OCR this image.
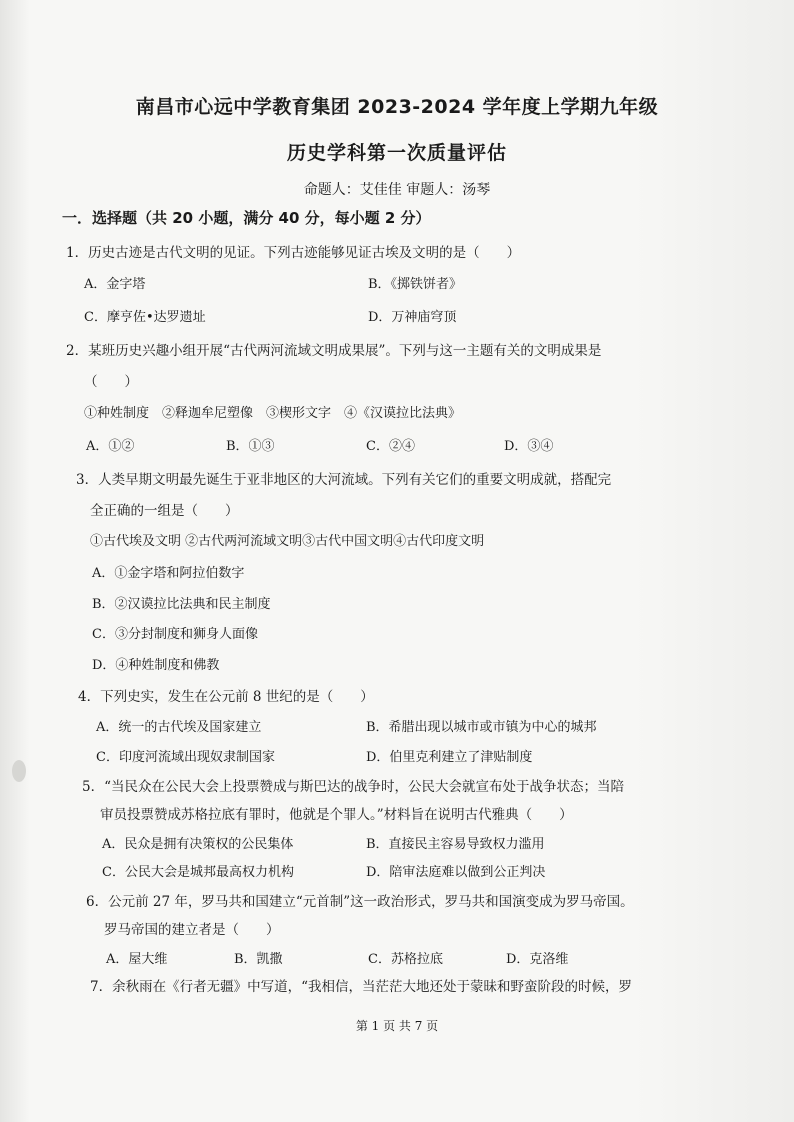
南昌市心远中学教育集团 2023-2024 学年度上学期九年级
历史学科第一次质量评估
命题人：艾佳佳 审题人：汤琴
一．选择题（共 20 小题，满分 40 分，每小题 2 分）
1．历史古迹是古代文明的见证。下列古迹能够见证古埃及文明的是（　　）
A．金字塔	B．《掷铁饼者》
C．摩亨佐•达罗遗址	D．万神庙穹顶
2．某班历史兴趣小组开展“古代两河流域文明成果展”。下列与这一主题有关的文明成果是
（　　）
①种姓制度　②释迦牟尼塑像　③楔形文字　④《汉谟拉比法典》
A．①②	B．①③	C．②④	D．③④
3．人类早期文明最先诞生于亚非地区的大河流域。下列有关它们的重要文明成就，搭配完
全正确的一组是（　　）
①古代埃及文明 ②古代两河流域文明③古代中国文明④古代印度文明
A．①金字塔和阿拉伯数字
B．②汉谟拉比法典和民主制度
C．③分封制度和狮身人面像
D．④种姓制度和佛教
4．下列史实，发生在公元前 8 世纪的是（　　）
A．统一的古代埃及国家建立	B．希腊出现以城市或市镇为中心的城邦
C．印度河流域出现奴隶制国家	D．伯里克利建立了津贴制度
5．“当民众在公民大会上投票赞成与斯巴达的战争时，公民大会就宣布处于战争状态；当陪
审员投票赞成苏格拉底有罪时，他就是个罪人。”材料旨在说明古代雅典（　　）
A．民众是拥有决策权的公民集体	B．直接民主容易导致权力滥用
C．公民大会是城邦最高权力机构	D．陪审法庭难以做到公正判决
6．公元前 27 年，罗马共和国建立“元首制”这一政治形式，罗马共和国演变成为罗马帝国。
罗马帝国的建立者是（　　）
A．屋大维	B．凯撒	C．苏格拉底	D．克洛维
7．余秋雨在《行者无疆》中写道，“我相信，当茫茫大地还处于蒙昧和野蛮阶段的时候，罗
第 1 页 共 7 页
